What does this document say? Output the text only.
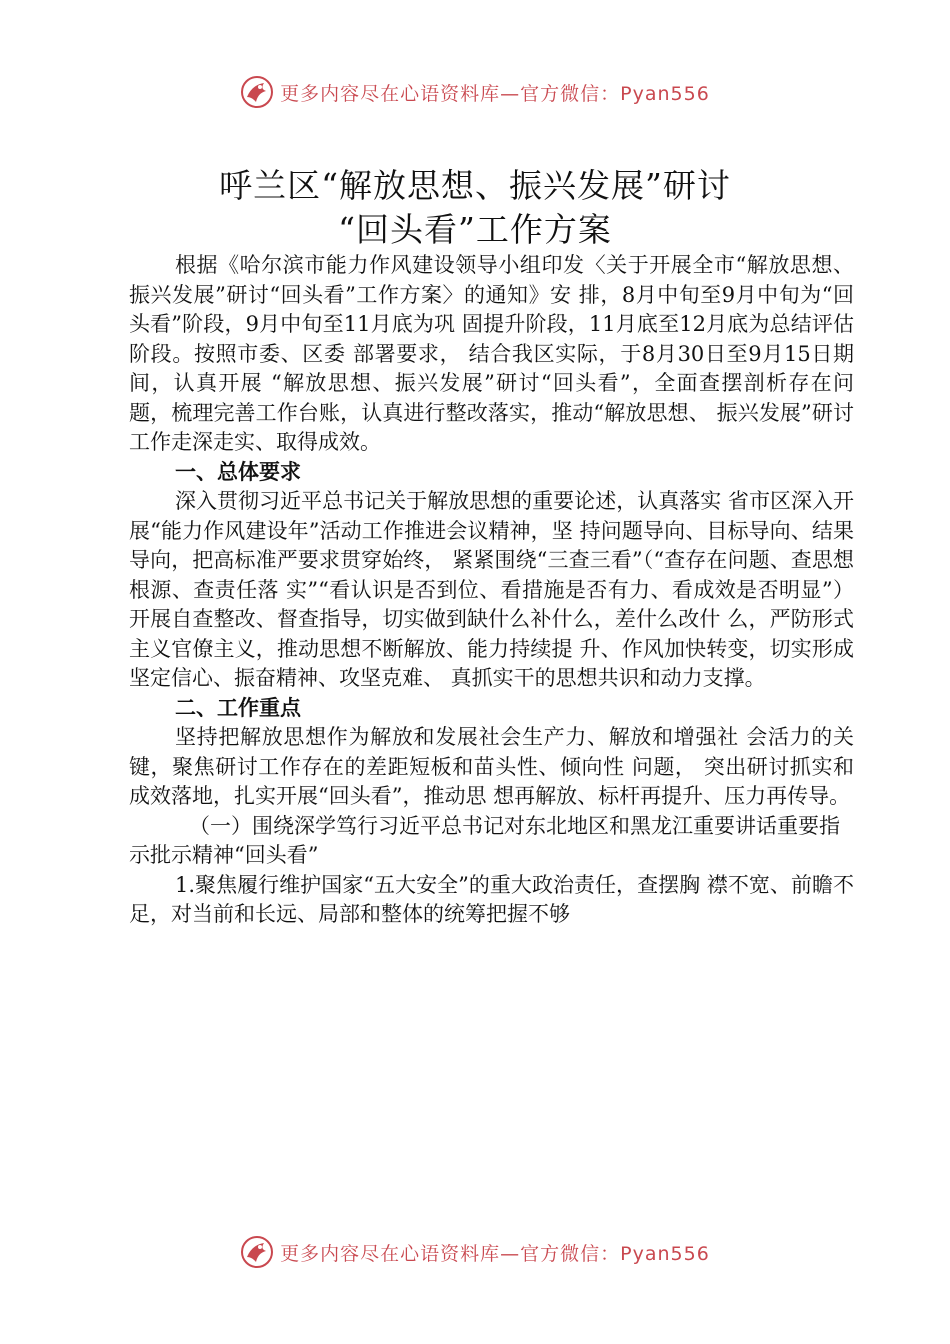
更多内容尽在心语资料库—官方微信：Pyan556
呼兰区“解放思想、振兴发展”研讨
“回头看”工作方案

根据《哈尔滨市能力作风建设领导小组印发〈关于开展全市“解放思想、振兴发展”研讨“回头看”工作方案〉的通知》安 排，8月中旬至9月中旬为“回头看”阶段，9月中旬至11月底为巩 固提升阶段，11月底至12月底为总结评估阶段。按照市委、区委 部署要求， 结合我区实际，于8月30日至9月15日期间，认真开展 “解放思想、振兴发展”研讨“回头看”，全面查摆剖析存在问 题，梳理完善工作台账，认真进行整改落实，推动“解放思想、 振兴发展”研讨工作走深走实、取得成效。

一、总体要求

深入贯彻习近平总书记关于解放思想的重要论述，认真落实 省市区深入开展“能力作风建设年”活动工作推进会议精神，坚 持问题导向、目标导向、结果导向，把高标准严要求贯穿始终， 紧紧围绕“三查三看”（“查存在问题、查思想根源、查责任落 实”“看认识是否到位、看措施是否有力、看成效是否明显”） 开展自查整改、督查指导，切实做到缺什么补什么，差什么改什 么，严防形式主义官僚主义，推动思想不断解放、能力持续提 升、作风加快转变，切实形成坚定信心、振奋精神、攻坚克难、 真抓实干的思想共识和动力支撑。

二、工作重点

坚持把解放思想作为解放和发展社会生产力、解放和增强社 会活力的关键，聚焦研讨工作存在的差距短板和苗头性、倾向性 问题， 突出研讨抓实和成效落地，扎实开展“回头看”，推动思 想再解放、标杆再提升、压力再传导。

（一）围绕深学笃行习近平总书记对东北地区和黑龙江重要讲话重要指示批示精神“回头看”

1.聚焦履行维护国家“五大安全”的重大政治责任，查摆胸 襟不宽、前瞻不足，对当前和长远、局部和整体的统筹把握不够

更多内容尽在心语资料库—官方微信：Pyan556
